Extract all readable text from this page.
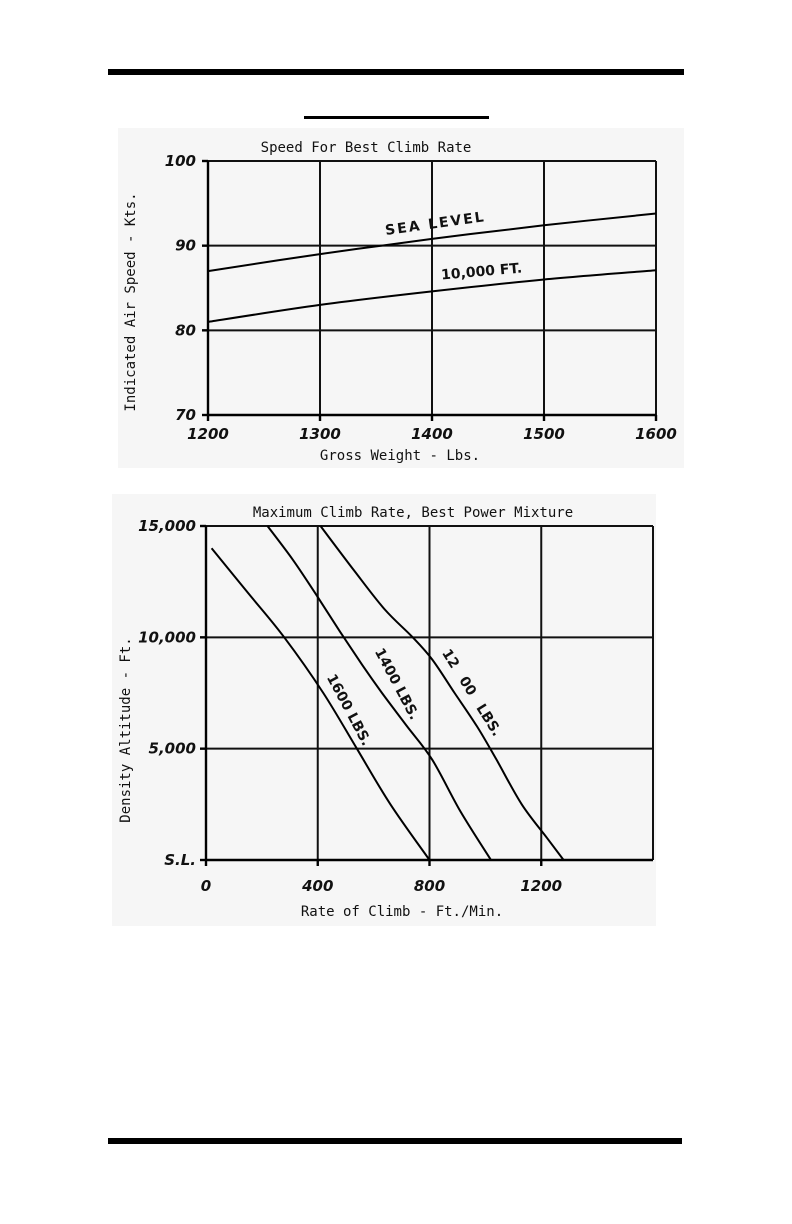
70
80
90
100
1200	1300	1400	1500	1600
Speed For Best Climb Rate
Gross Weight - Lbs.
Indicated Air Speed - Kts.	SEA LEVEL
10,000 FT.
S.L.
5,000
10,000
15,000
0	400	800	1200
Maximum Climb Rate, Best Power Mixture
Rate of Climb - Ft./Min.
Density Altitude - Ft.	1600 LBS.
1400 LBS. 12 00 LBS.
